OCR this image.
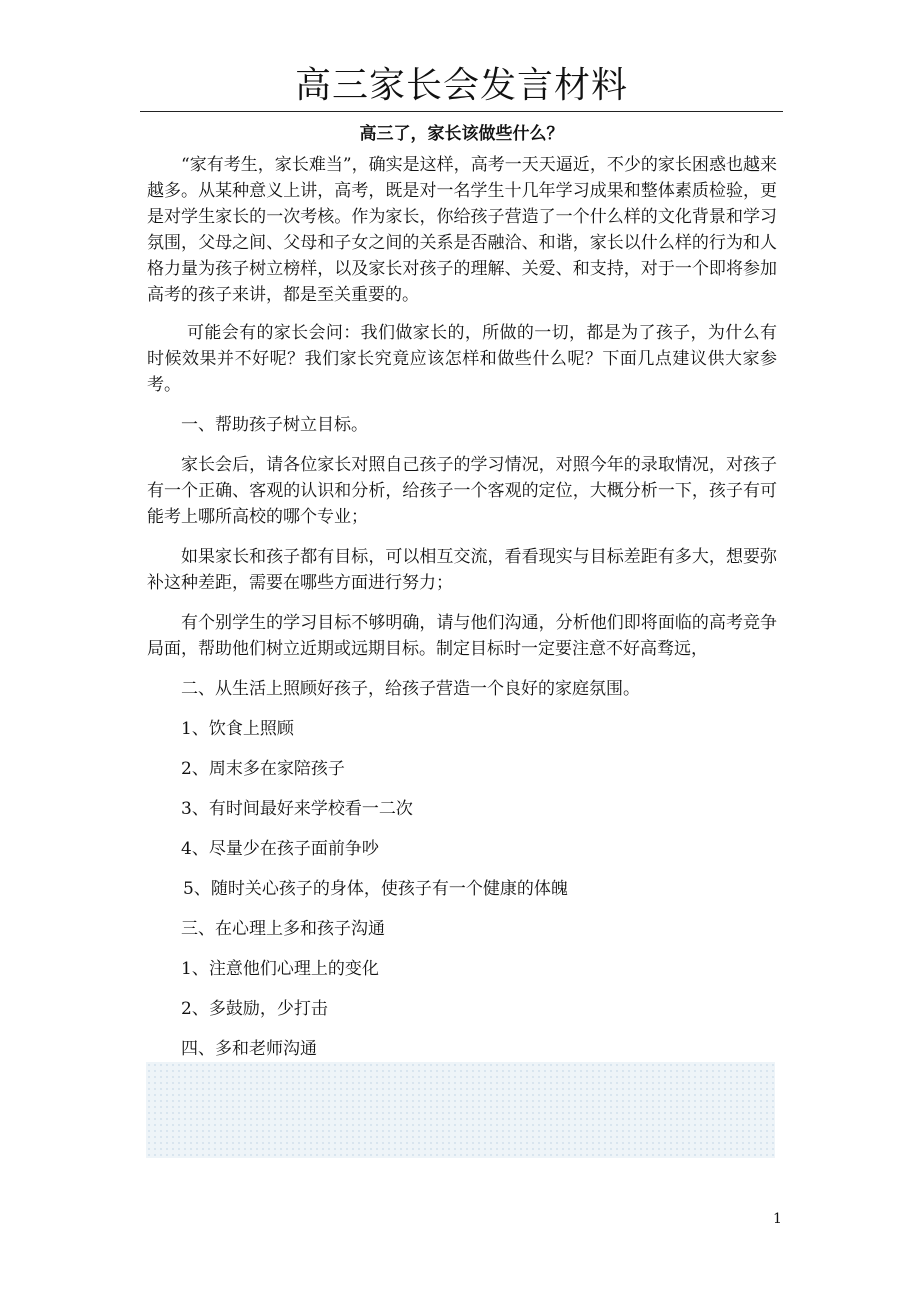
高三家长会发言材料
高三了，家长该做些什么？

“家有考生，家长难当”，确实是这样，高考一天天逼近，不少的家长困惑也越来越多。从某种意义上讲，高考，既是对一名学生十几年学习成果和整体素质检验，更是对学生家长的一次考核。作为家长，你给孩子营造了一个什么样的文化背景和学习氛围，父母之间、父母和子女之间的关系是否融洽、和谐，家长以什么样的行为和人格力量为孩子树立榜样，以及家长对孩子的理解、关爱、和支持，对于一个即将参加高考的孩子来讲，都是至关重要的。

可能会有的家长会问：我们做家长的，所做的一切，都是为了孩子，为什么有时候效果并不好呢？我们家长究竟应该怎样和做些什么呢？下面几点建议供大家参考。

一、帮助孩子树立目标。

家长会后，请各位家长对照自己孩子的学习情况，对照今年的录取情况，对孩子有一个正确、客观的认识和分析，给孩子一个客观的定位，大概分析一下，孩子有可能考上哪所高校的哪个专业；

如果家长和孩子都有目标，可以相互交流，看看现实与目标差距有多大，想要弥补这种差距，需要在哪些方面进行努力；

有个别学生的学习目标不够明确，请与他们沟通，分析他们即将面临的高考竞争局面，帮助他们树立近期或远期目标。制定目标时一定要注意不好高骛远，

二、从生活上照顾好孩子，给孩子营造一个良好的家庭氛围。

1、饮食上照顾

2、周末多在家陪孩子

3、有时间最好来学校看一二次

4、尽量少在孩子面前争吵

5、随时关心孩子的身体，使孩子有一个健康的体魄

三、在心理上多和孩子沟通

1、注意他们心理上的变化

2、多鼓励，少打击

四、多和老师沟通

1
